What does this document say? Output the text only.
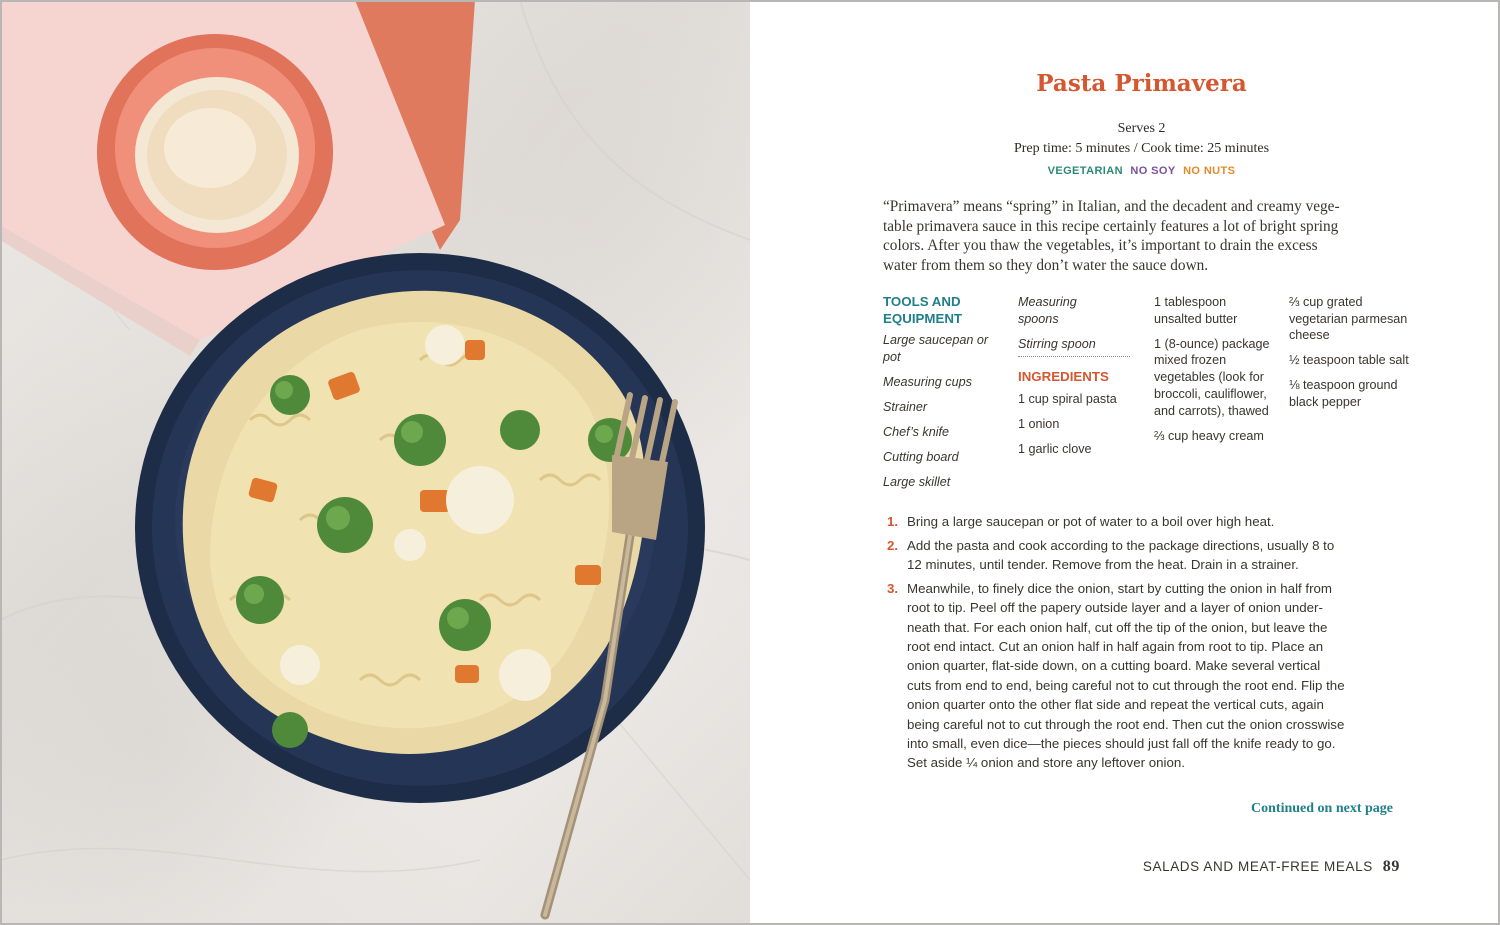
Pasta Primavera
Serves 2
Prep time: 5 minutes / Cook time: 25 minutes
VEGETARIAN NO SOY NO NUTS

“Primavera” means “spring” in Italian, and the decadent and creamy vege-

table primavera sauce in this recipe certainly features a lot of bright spring

colors. After you thaw the vegetables, it’s important to drain the excess

water from them so they don’t water the sauce down.

TOOLS AND
EQUIPMENT
Large saucepan or pot
Measuring cups
Strainer
Chef’s knife
Cutting board
Large skillet
Measuring spoons
Stirring spoon
INGREDIENTS
1 cup spiral pasta
1 onion
1 garlic clove
1 tablespoon unsalted butter
1 (8-ounce) package mixed frozen vegetables (look for broccoli, cauliflower, and carrots), thawed
⅔ cup heavy cream
⅔ cup grated vegetarian parmesan cheese
½ teaspoon table salt
⅛ teaspoon ground black pepper
1. Bring a large saucepan or pot of water to a boil over high heat.
2. Add the pasta and cook according to the package directions, usually 8 to
12 minutes, until tender. Remove from the heat. Drain in a strainer.
3. Meanwhile, to finely dice the onion, start by cutting the onion in half from
root to tip. Peel off the papery outside layer and a layer of onion under-
neath that. For each onion half, cut off the tip of the onion, but leave the
root end intact. Cut an onion half in half again from root to tip. Place an
onion quarter, flat-side down, on a cutting board. Make several vertical
cuts from end to end, being careful not to cut through the root end. Flip the
onion quarter onto the other flat side and repeat the vertical cuts, again
being careful not to cut through the root end. Then cut the onion crosswise
into small, even dice—the pieces should just fall off the knife ready to go.
Set aside ¼ onion and store any leftover onion.
Continued on next page
SALADS AND MEAT-FREE MEALS 89
